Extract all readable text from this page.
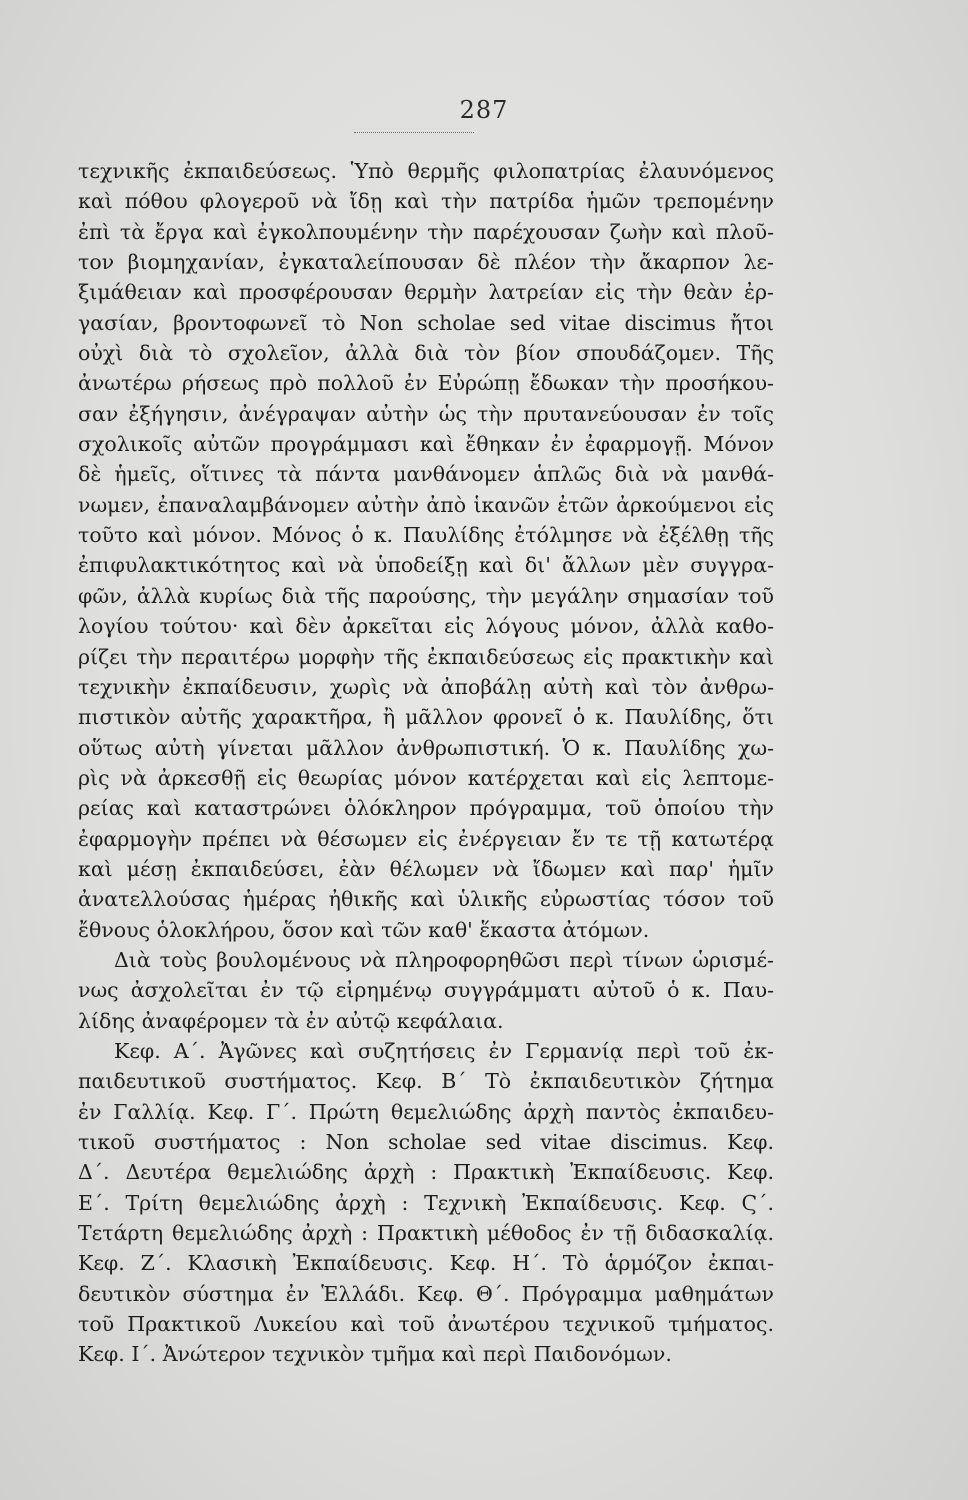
287
τεχνικῆς ἐκπαιδεύσεως. Ὑπὸ θερμῆς φιλοπατρίας ἐλαυνόμενος
καὶ πόθου φλογεροῦ νὰ ἴδῃ καὶ τὴν πατρίδα ἡμῶν τρεπομένην
ἐπὶ τὰ ἔργα καὶ ἐγκολπουμένην τὴν παρέχουσαν ζωὴν καὶ πλοῦ-
τον βιομηχανίαν, ἐγκαταλείπουσαν δὲ πλέον τὴν ἄκαρπον λε-
ξιμάθειαν καὶ προσφέρουσαν θερμὴν λατρείαν εἰς τὴν θεὰν ἐρ-
γασίαν, βροντοφωνεῖ τὸ Non scholae sed vitae discimus ἤτοι
οὐχὶ διὰ τὸ σχολεῖον, ἀλλὰ διὰ τὸν βίον σπουδάζομεν. Τῆς
ἀνωτέρω ρήσεως πρὸ πολλοῦ ἐν Εὐρώπῃ ἔδωκαν τὴν προσήκου-
σαν ἐξήγησιν, ἀνέγραψαν αὐτὴν ὡς τὴν πρυτανεύουσαν ἐν τοῖς
σχολικοῖς αὐτῶν προγράμμασι καὶ ἔθηκαν ἐν ἐφαρμογῇ. Μόνον
δὲ ἡμεῖς, οἵτινες τὰ πάντα μανθάνομεν ἁπλῶς διὰ νὰ μανθά-
νωμεν, ἐπαναλαμβάνομεν αὐτὴν ἀπὸ ἱκανῶν ἐτῶν ἀρκούμενοι εἰς
τοῦτο καὶ μόνον. Μόνος ὁ κ. Παυλίδης ἐτόλμησε νὰ ἐξέλθῃ τῆς
ἐπιφυλακτικότητος καὶ νὰ ὑποδείξῃ καὶ δι' ἄλλων μὲν συγγρα-
φῶν, ἀλλὰ κυρίως διὰ τῆς παρούσης, τὴν μεγάλην σημασίαν τοῦ
λογίου τούτου· καὶ δὲν ἀρκεῖται εἰς λόγους μόνον, ἀλλὰ καθο-
ρίζει τὴν περαιτέρω μορφὴν τῆς ἐκπαιδεύσεως εἰς πρακτικὴν καὶ
τεχνικὴν ἐκπαίδευσιν, χωρὶς νὰ ἀποβάλῃ αὐτὴ καὶ τὸν ἀνθρω-
πιστικὸν αὐτῆς χαρακτῆρα, ἢ μᾶλλον φρονεῖ ὁ κ. Παυλίδης, ὅτι
οὕτως αὐτὴ γίνεται μᾶλλον ἀνθρωπιστική. Ὁ κ. Παυλίδης χω-
ρὶς νὰ ἀρκεσθῇ εἰς θεωρίας μόνον κατέρχεται καὶ εἰς λεπτομε-
ρείας καὶ καταστρώνει ὁλόκληρον πρόγραμμα, τοῦ ὁποίου τὴν
ἐφαρμογὴν πρέπει νὰ θέσωμεν εἰς ἐνέργειαν ἔν τε τῇ κατωτέρᾳ
καὶ μέσῃ ἐκπαιδεύσει, ἐὰν θέλωμεν νὰ ἴδωμεν καὶ παρ' ἡμῖν
ἀνατελλούσας ἡμέρας ἠθικῆς καὶ ὑλικῆς εὐρωστίας τόσον τοῦ
ἔθνους ὁλοκλήρου, ὅσον καὶ τῶν καθ' ἕκαστα ἀτόμων.
Διὰ τοὺς βουλομένους νὰ πληροφορηθῶσι περὶ τίνων ὡρισμέ-
νως ἀσχολεῖται ἐν τῷ εἰρημένῳ συγγράμματι αὐτοῦ ὁ κ. Παυ-
λίδης ἀναφέρομεν τὰ ἐν αὐτῷ κεφάλαια.
Κεφ. Α΄. Ἀγῶνες καὶ συζητήσεις ἐν Γερμανίᾳ περὶ τοῦ ἐκ-
παιδευτικοῦ συστήματος. Κεφ. Β΄ Τὸ ἐκπαιδευτικὸν ζήτημα
ἐν Γαλλίᾳ. Κεφ. Γ΄. Πρώτη θεμελιώδης ἀρχὴ παντὸς ἐκπαιδευ-
τικοῦ συστήματος : Non scholae sed vitae discimus. Κεφ.
Δ΄. Δευτέρα θεμελιώδης ἀρχὴ : Πρακτικὴ Ἐκπαίδευσις. Κεφ.
Ε΄. Τρίτη θεμελιώδης ἀρχὴ : Τεχνικὴ Ἐκπαίδευσις. Κεφ. Ϛ΄.
Τετάρτη θεμελιώδης ἀρχὴ : Πρακτικὴ μέθοδος ἐν τῇ διδασκαλίᾳ.
Κεφ. Ζ΄. Κλασικὴ Ἐκπαίδευσις. Κεφ. Η΄. Τὸ ἁρμόζον ἐκπαι-
δευτικὸν σύστημα ἐν Ἑλλάδι. Κεφ. Θ΄. Πρόγραμμα μαθημάτων
τοῦ Πρακτικοῦ Λυκείου καὶ τοῦ ἀνωτέρου τεχνικοῦ τμήματος.
Κεφ. Ι΄. Ἀνώτερον τεχνικὸν τμῆμα καὶ περὶ Παιδονόμων.
